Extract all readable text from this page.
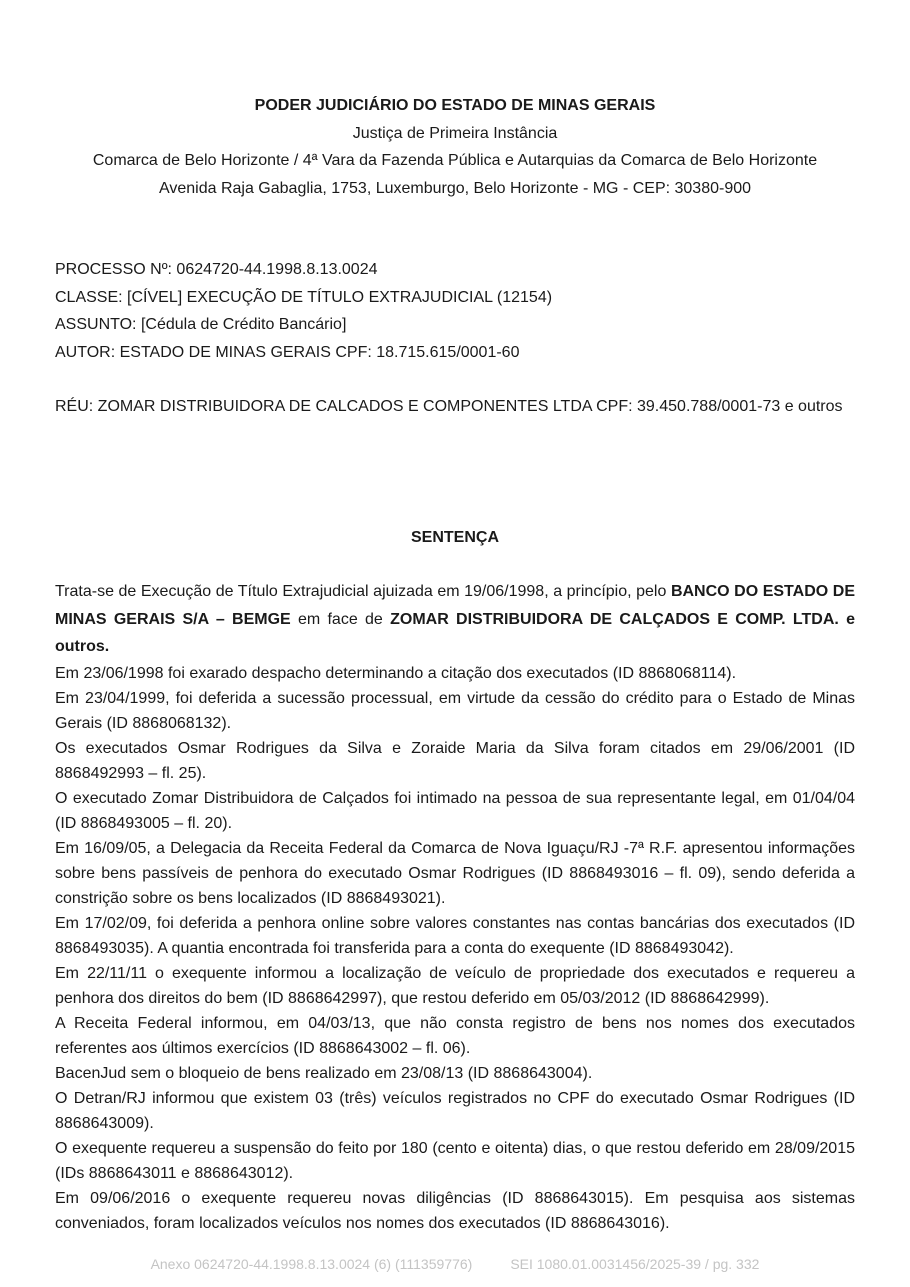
PODER JUDICIÁRIO DO ESTADO DE MINAS GERAIS
Justiça de Primeira Instância
Comarca de Belo Horizonte / 4ª Vara da Fazenda Pública e Autarquias da Comarca de Belo Horizonte
Avenida Raja Gabaglia, 1753, Luxemburgo, Belo Horizonte - MG - CEP: 30380-900
PROCESSO Nº: 0624720-44.1998.8.13.0024
CLASSE: [CÍVEL] EXECUÇÃO DE TÍTULO EXTRAJUDICIAL (12154)
ASSUNTO: [Cédula de Crédito Bancário]
AUTOR: ESTADO DE MINAS GERAIS CPF: 18.715.615/0001-60
RÉU: ZOMAR DISTRIBUIDORA DE CALCADOS E COMPONENTES LTDA CPF: 39.450.788/0001-73 e outros
SENTENÇA

Trata-se de Execução de Título Extrajudicial ajuizada em 19/06/1998, a princípio, pelo BANCO DO ESTADO DE MINAS GERAIS S/A – BEMGE em face de ZOMAR DISTRIBUIDORA DE CALÇADOS E COMP. LTDA. e outros.

Em 23/06/1998 foi exarado despacho determinando a citação dos executados (ID 8868068114).

Em 23/04/1999, foi deferida a sucessão processual, em virtude da cessão do crédito para o Estado de Minas Gerais (ID 8868068132).

Os executados Osmar Rodrigues da Silva e Zoraide Maria da Silva foram citados em 29/06/2001 (ID 8868492993 – fl. 25).

O executado Zomar Distribuidora de Calçados foi intimado na pessoa de sua representante legal, em 01/04/04 (ID 8868493005 – fl. 20).

Em 16/09/05, a Delegacia da Receita Federal da Comarca de Nova Iguaçu/RJ -7ª R.F. apresentou informações sobre bens passíveis de penhora do executado Osmar Rodrigues (ID 8868493016 – fl. 09), sendo deferida a constrição sobre os bens localizados (ID 8868493021).

Em 17/02/09, foi deferida a penhora online sobre valores constantes nas contas bancárias dos executados (ID 8868493035). A quantia encontrada foi transferida para a conta do exequente (ID 8868493042).

Em 22/11/11 o exequente informou a localização de veículo de propriedade dos executados e requereu a penhora dos direitos do bem (ID 8868642997), que restou deferido em 05/03/2012 (ID 8868642999).

A Receita Federal informou, em 04/03/13, que não consta registro de bens nos nomes dos executados referentes aos últimos exercícios (ID 8868643002 – fl. 06).

BacenJud sem o bloqueio de bens realizado em 23/08/13 (ID 8868643004).

O Detran/RJ informou que existem 03 (três) veículos registrados no CPF do executado Osmar Rodrigues (ID 8868643009).

O exequente requereu a suspensão do feito por 180 (cento e oitenta) dias, o que restou deferido em 28/09/2015 (IDs 8868643011 e 8868643012).

Em 09/06/2016 o exequente requereu novas diligências (ID 8868643015). Em pesquisa aos sistemas conveniados, foram localizados veículos nos nomes dos executados (ID 8868643016).

Anexo 0624720-44.1998.8.13.0024 (6) (111359776)	SEI 1080.01.0031456/2025-39 / pg. 332
